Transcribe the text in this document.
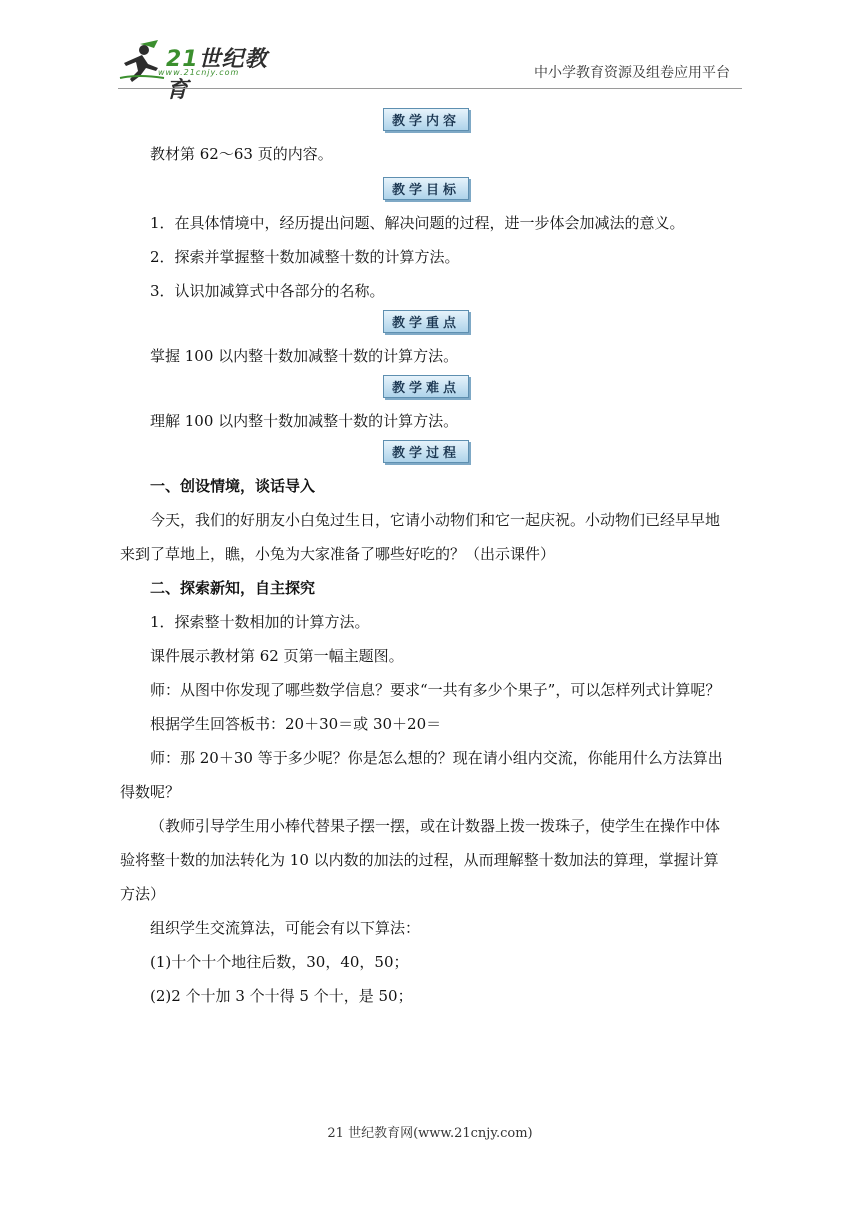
21世纪教育
www.21cnjy.com	中小学教育资源及组卷应用平台
教学内容

教材第 62～63 页的内容。

教学目标

1．在具体情境中，经历提出问题、解决问题的过程，进一步体会加减法的意义。

2．探索并掌握整十数加减整十数的计算方法。

3．认识加减算式中各部分的名称。

教学重点

掌握 100 以内整十数加减整十数的计算方法。

教学难点

理解 100 以内整十数加减整十数的计算方法。

教学过程

一、创设情境，谈话导入

今天，我们的好朋友小白兔过生日，它请小动物们和它一起庆祝。小动物们已经早早地来到了草地上，瞧，小兔为大家准备了哪些好吃的？（出示课件）

二、探索新知，自主探究

1．探索整十数相加的计算方法。

课件展示教材第 62 页第一幅主题图。

师：从图中你发现了哪些数学信息？要求“一共有多少个果子”，可以怎样列式计算呢？

根据学生回答板书：20＋30＝或 30＋20＝

师：那 20＋30 等于多少呢？你是怎么想的？现在请小组内交流，你能用什么方法算出得数呢？

（教师引导学生用小棒代替果子摆一摆，或在计数器上拨一拨珠子，使学生在操作中体验将整十数的加法转化为 10 以内数的加法的过程，从而理解整十数加法的算理，掌握计算方法）

组织学生交流算法，可能会有以下算法：

(1)十个十个地往后数，30，40，50；

(2)2 个十加 3 个十得 5 个十，是 50；

21 世纪教育网(www.21cnjy.com)
